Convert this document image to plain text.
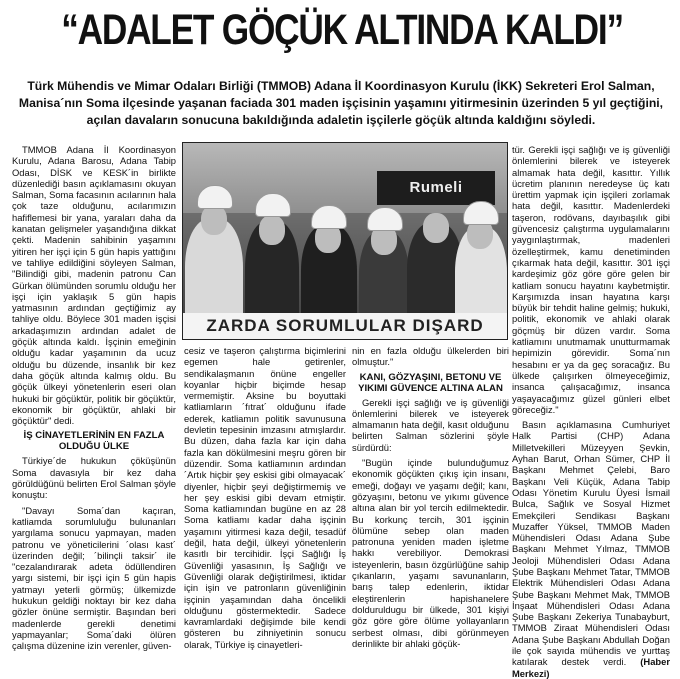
“ADALET GÖÇÜK ALTINDA KALDI”
Türk Mühendis ve Mimar Odaları Birliği (TMMOB) Adana İl Koordinasyon Kurulu (İKK) Sekreteri Erol Salman, Manisa´nın Soma ilçesinde yaşanan faciada 301 maden işçisinin yaşamını yitirmesinin üzerinden 5 yıl geçtiğini, açılan davaların sonucuna bakıldığında adaletin işçilerle göçük altında kaldığını söyledi.

TMMOB Adana İl Koordinasyon Kurulu, Adana Barosu, Adana Tabip Odası, DİSK ve KESK´in birlikte düzenlediği basın açıklamasını okuyan Salman, Soma facasının acılarının hala çok taze olduğunu, acılarımızın hafiflemesi bir yana, yaraları daha da kanatan gelişmeler yaşandığına dikkat çekti. Madenin sahibinin yaşamını yitiren her işçi için 5 gün hapis yattığını ve tahliye edildiğini söyleyen Salman, "Bilindiği gibi, madenin patronu Can Gürkan ölümünden sorumlu olduğu her işçi için yaklaşık 5 gün hapis yatmasının ardından geçtiğimiz ay tahliye oldu. Böylece 301 maden işçisi arkadaşımızın ardından adalet de göçük altında kaldı. İşçinin emeğinin olduğu kadar yaşamının da ucuz olduğu bu düzende, insanlık bir kez daha göçük altında kalmış oldu. Bu göçük ülkeyi yönetenlerin eseri olan hukuki bir göçüktür, politik bir göçüktür, ekonomik bir göçüktür, ahlaki bir göçüktür" dedi.

İŞ CİNAYETLERİNİN EN FAZLA OLDUĞU ÜLKE

Türkiye´de hukukun çöküşünün Soma davasıyla bir kez daha görüldüğünü belirten Erol Salman şöyle konuştu:

"Davayı Soma´dan kaçıran, katliamda sorumluluğu bulunanları yargılama sonucu yapmayan, maden patronu ve yöneticilerini ´olası kast´ üzerinden değil; ´bilinçli taksir´ ile "cezalandırarak adeta ödüllendiren yargı sistemi, bir işçi için 5 gün hapis yatmayı yeterli görmüş; ülkemizde hukukun geldiği noktayı bir kez daha gözler önüne sermiştir. Başından beri madenlerde gerekli denetimi yapmayanlar; Soma´daki ölüren çalışma düzenine izin verenler, güven-

Rumeli
ZARDA SORUMLULAR DIŞARD

cesiz ve taşeron çalıştırma biçimlerini egemen hale getirenler, sendikalaşmanın önüne engeller koyanlar hiçbir biçimde hesap vermemiştir. Aksine bu boyuttaki katliamların ´fıtrat´ olduğunu ifade ederek, katliamın politik savunusuna devletin tepesinin imzasını atmışlardır. Bu düzen, daha fazla kar için daha fazla kan dökülmesini meşru gören bir düzendir. Soma katliamının ardından ´Artık hiçbir şey eskisi gibi olmayacak´ diyenler, hiçbir şeyi değiştirmemiş ve her şey eskisi gibi devam etmiştir. Soma katliamından bugüne en az 28 Soma katliamı kadar daha işçinin yaşamını yitirmesi kaza değil, tesadüf değil, hata değil, ülkeyi yönetenlerin kasıtlı bir tercihidir. İşçi Sağlığı İş Güvenliği yasasının, İş Sağlığı ve Güvenliği olarak değiştirilmesi, iktidar için işin ve patronların güvenliğinin işçinin yaşamından daha öncelikli olduğunu göstermektedir. Sadece kavramlardaki değişimde bile kendi gösteren bu zihniyetinin sonucu olarak, Türkiye iş cinayetleri-

nin en fazla olduğu ülkelerden biri olmuştur."

KANI, GÖZYAŞINI, BETONU VE YIKIMI GÜVENCE ALTINA ALAN

Gerekli işçi sağlığı ve iş güvenliği önlemlerini bilerek ve isteyerek almamanın hata değil, kasıt olduğunu belirten Salman sözlerini şöyle sürdürdü:

"Bugün içinde bulunduğumuz ekonomik göçükten çıkış için insanı, emeği, doğayı ve yaşamı değil; kanı, gözyaşını, betonu ve yıkımı güvence altına alan bir yol tercih edilmektedir. Bu korkunç tercih, 301 işçinin ölümüne sebep olan maden patronuna yeniden maden işletme hakkı verebiliyor. Demokrasi isteyenlerin, basın özgürlüğüne sahip çıkanların, yaşamı savunanların, barış talep edenlerin, iktidar eleştirenlerin hapishanelere dolduruldugu bir ülkede, 301 kişiyi göz göre göre ölüme yollayanların serbest olması, dibi görünmeyen derinlikte bir ahlaki göçük-

tür. Gerekli işçi sağlığı ve iş güvenliği önlemlerini bilerek ve isteyerek almamak hata değil, kasıttır. Yıllık ücretim planının neredeyse üç katı ürettim yapmak için işçileri zorlamak hata değil, kasıttır. Madenlerdeki taşeron, rodövans, dayıbaşılık gibi güvencesiz çalıştırma uygulamalarını yaygınlaştırmak, madenleri özelleştirmek, kamu denetiminden çıkarmak hata değil, kasıttır. 301 işçi kardeşimiz göz göre göre gelen bir katliam sonucu hayatını kaybetmiştir. Karşımızda insan hayatına karşı büyük bir tehdit haline gelmiş; hukuki, politik, ekonomik ve ahlaki olarak göçmüş bir düzen vardır. Soma katliamını unutmamak unutturmamak hepimizin görevidir. Soma´nın hesabını er ya da geç soracağız. Bu ülkede çalışırken ölmeyeceğimiz, insanca çalışacağımız, insanca yaşayacağımız güzel günleri elbet göreceğiz."

Basın açıklamasına Cumhuriyet Halk Partisi (CHP) Adana Milletvekilleri Müzeyyen Şevkin, Ayhan Barut, Orhan Sümer, CHP İl Başkanı Mehmet Çelebi, Baro Başkanı Veli Küçük, Adana Tabip Odası Yönetim Kurulu Üyesi İsmail Bulca, Sağlık ve Sosyal Hizmet Emekçileri Sendikası Başkanı Muzaffer Yüksel, TMMOB Maden Mühendisleri Odası Adana Şube Başkanı Mehmet Yılmaz, TMMOB Jeoloji Mühendisleri Odası Adana Şube Başkanı Mehmet Tatar, TMMOB Elektrik Mühendisleri Odası Adana Şube Başkanı Mehmet Mak, TMMOB İnşaat Mühendisleri Odası Adana Şube Başkanı Zekeriya Tunabayburt, TMMOB Ziraat Mühendisleri Odası Adana Şube Başkanı Abdullah Doğan ile çok sayıda mühendis ve yurttaş katılarak destek verdi. (Haber Merkezi)
